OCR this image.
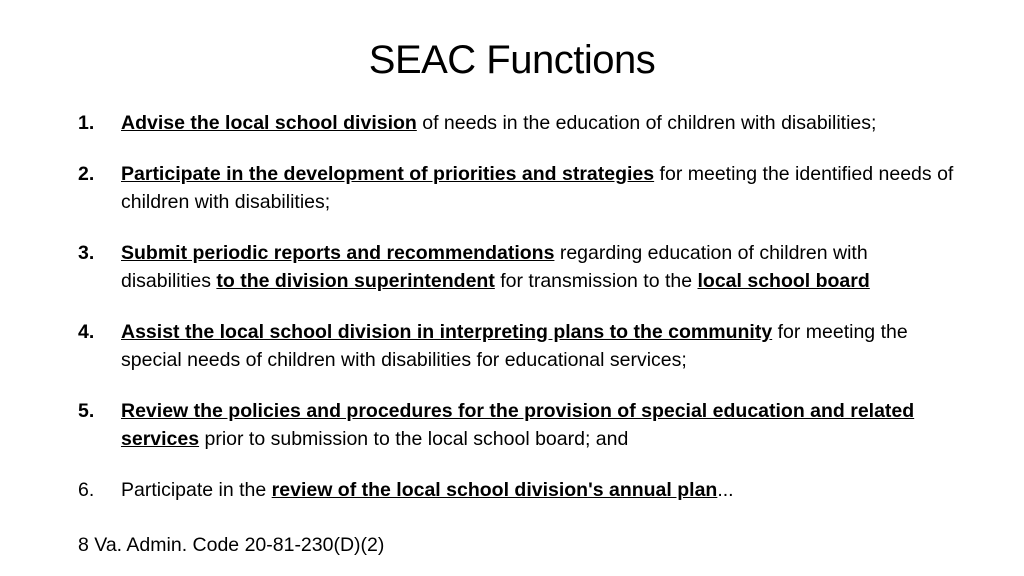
SEAC Functions
1. Advise the local school division of needs in the education of children with disabilities;
2. Participate in the development of priorities and strategies for meeting the identified needs of children with disabilities;
3. Submit periodic reports and recommendations regarding education of children with disabilities to the division superintendent for transmission to the local school board
4. Assist the local school division in interpreting plans to the community for meeting the special needs of children with disabilities for educational services;
5. Review the policies and procedures for the provision of special education and related services prior to submission to the local school board; and
6. Participate in the review of the local school division's annual plan...
8 Va. Admin. Code 20-81-230(D)(2)
